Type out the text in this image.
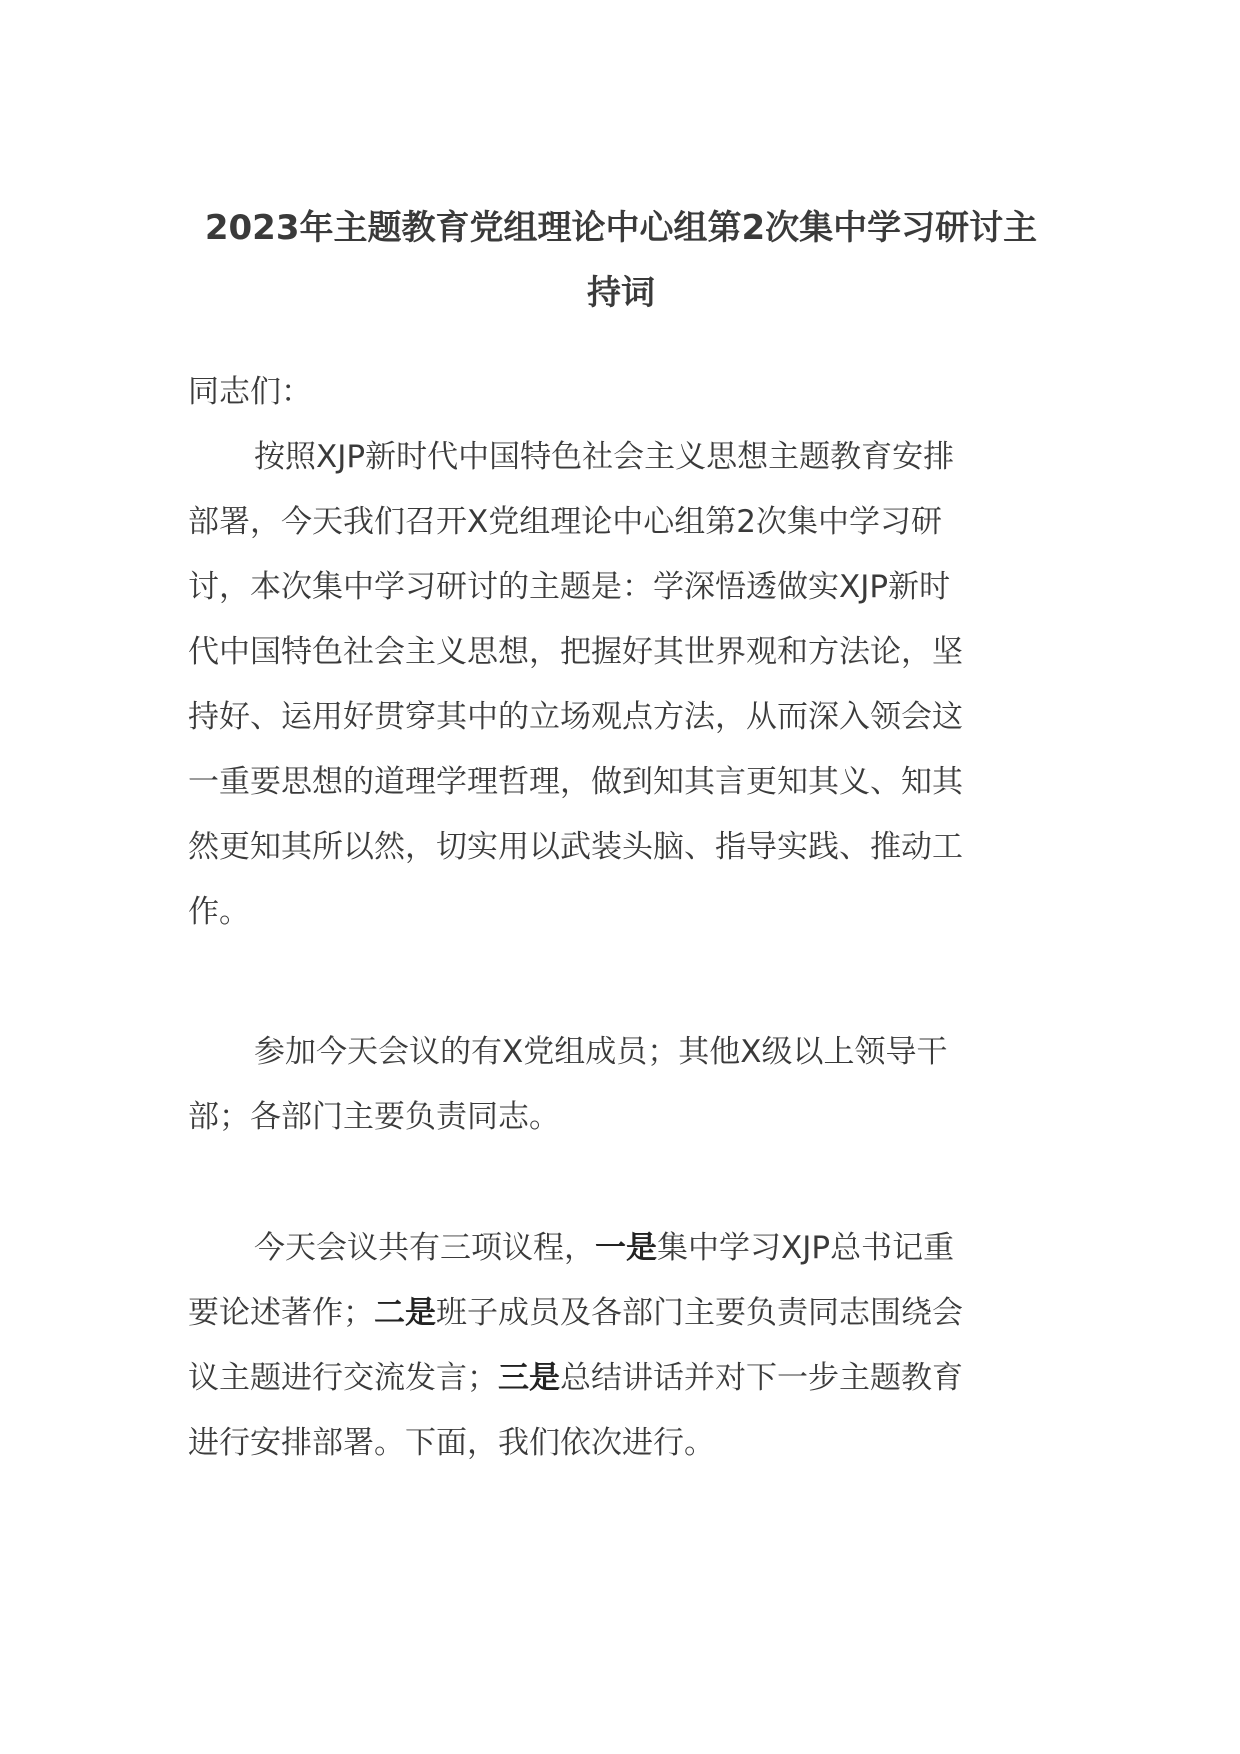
2023年主题教育党组理论中心组第2次集中学习研讨主
持词

同志们：

按照XJP新时代中国特色社会主义思想主题教育安排
部署，今天我们召开X党组理论中心组第2次集中学习研
讨，本次集中学习研讨的主题是：学深悟透做实XJP新时
代中国特色社会主义思想，把握好其世界观和方法论，坚
持好、运用好贯穿其中的立场观点方法，从而深入领会这
一重要思想的道理学理哲理，做到知其言更知其义、知其
然更知其所以然，切实用以武装头脑、指导实践、推动工
作。

参加今天会议的有X党组成员；其他X级以上领导干
部；各部门主要负责同志。

今天会议共有三项议程，一是集中学习XJP总书记重
要论述著作；二是班子成员及各部门主要负责同志围绕会
议主题进行交流发言；三是总结讲话并对下一步主题教育
进行安排部署。下面，我们依次进行。
